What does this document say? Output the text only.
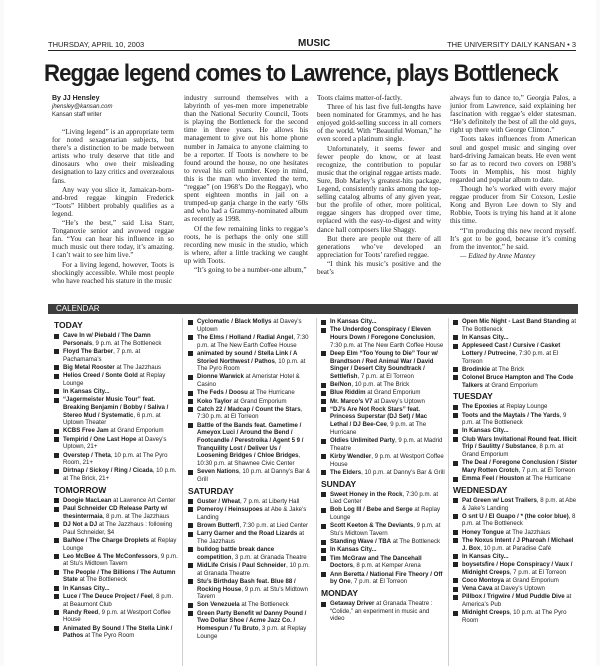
THURSDAY, APRIL 10, 2003	MUSIC	THE UNIVERSITY DAILY KANSAN • 3
Reggae legend comes to Lawrence, plays Bottleneck
By JJ Hensley
jhensley@kansan.com
Kansan staff writer

“Living legend” is an appropriate term for noted sexagenarian subjects, but there’s a distinction to be made between artists who truly deserve that title and dinosaurs who owe their misleading designation to lazy critics and overzealous fans.

Any way you slice it, Jamaican-born-and-bred reggae kingpin Frederick “Toots” Hibbert probably qualifies as a legend.

“He’s the best,” said Lisa Starr, Tonganoxie senior and avowed reggae fan. “You can hear his influence in so much music out there today, it’s amazing. I can’t wait to see him live.”

For a living legend, however, Toots is shockingly accessible. While most people who have reached his stature in the music

industry surround themselves with a labyrinth of yes-men more impenetrable than the National Security Council, Toots is playing the Bottleneck for the second time in three years. He allows his management to give out his home phone number in Jamaica to anyone claiming to be a reporter. If Toots is nowhere to be found around the house, no one hesitates to reveal his cell number. Keep in mind, this is the man who invented the term, “reggae” (on 1968’s Do the Reggay), who spent eighteen months in jail on a trumped-up ganja charge in the early ‘60s and who had a Grammy-nominated album as recently as 1998.

Of the few remaining links to reggae’s roots, he is perhaps the only one still recording new music in the studio, which is where, after a little tracking we caught up with Toots.

“It’s going to be a number-one album,”

Toots claims matter-of-factly.

Three of his last five full-lengths have been nominated for Grammys, and he has enjoyed gold-selling success in all corners of the world. With “Beautiful Woman,” he even scored a platinum single.

Unfortunately, it seems fewer and fewer people do know, or at least recognize, the contribution to popular music that the original reggae artists made. Sure, Bob Marley’s greatest-hits package, Legend, consistently ranks among the top-selling catalog albums of any given year, but the profile of other, more political, reggae singers has dropped over time, replaced with the easy-to-digest and witty dance hall composers like Shaggy.

But there are people out there of all generations who’ve developed an appreciation for Toots’ rarefied reggae.

“I think his music’s positive and the beat’s

always fun to dance to,” Georgia Palos, a junior from Lawrence, said explaining her fascination with reggae’s elder statesman. “He’s definitely the best of all the old guys, right up there with George Clinton.”

Toots takes influences from American soul and gospel music and singing over hard-driving Jamaican beats. He even went so far as to record two covers on 1988’s Toots in Memphis, his most highly regarded and popular album to date.

Though he’s worked with every major reggae producer from Sir Coxson, Leslie Kong and Byron Lee down to Sly and Robbie, Toots is trying his hand at it alone this time.

“I’m producing this new record myself. It’s got to be good, because it’s coming from the inventor,” he said.

— Edited by Anne Mantey

CALENDAR
TODAY
Cave In w/ Piebald / The Damn Personals, 9 p.m. at The Bottleneck
Floyd The Barber, 7 p.m. at Pachamama’s
Big Metal Rooster at The Jazzhaus
Helios Creed / Sonte Gold at Replay Lounge
In Kansas City...
“Jagermeister Music Tour” feat. Breaking Benjamin / Bobby / Saliva / Stereo Mud / Systematic, 6 p.m. at Uptown Theater
KCBS Free Jam at Grand Emporium
Tempirid / One Last Hope at Davey’s Uptown, 21+
Overstep / Theta, 10 p.m. at The Pyro Room, 21+
Dirtnap / Sickoy / Ring / Cicada, 10 p.m. at The Brick, 21+
TOMORROW
Doogie MacLean at Lawrence Art Center
Paul Schneider CD Release Party w/ thesintermaia, 8 p.m. at The Jazzhaus
DJ Not a DJ at The Jazzhaus : following Paul Schneider, $4
Ba/Noe / The Charge Droplets at Replay Lounge
Leo McBee & The McConfessors, 9 p.m. at Stu’s Midtown Tavern
The People / The Billions / The Autumn State at The Bottleneck
In Kansas City...
Luce / The Deuce Project / Feel, 8 p.m. at Beaumont Club
Randy Reed, 9 p.m. at Westport Coffee House
Animated By Sound / The Stella Link / Pathos at The Pyro Room
Cyclomatic / Black Mollys at Davey’s Uptown
The Elms / Holland / Radial Angel, 7:30 p.m. at The New Earth Coffee House
animated by sound / Stella Link / A Storied Northwest / Pathos, 10 p.m. at The Pyro Room
Dionne Warwick at Ameristar Hotel & Casino
The Feds / Doosu at The Hurricane
Koko Taylor at Grand Emporium
Catch 22 / Madcap / Count the Stars, 7:30 p.m. at El Torreon
Battle of the Bands feat. Gametime / Ameyox Luci / Around the Bend / Footcandle / Perestroika / Agent 5 9 / Tranquility Lost / Deliver Us / Loosening Bridges / Chloe Bridges, 10:30 p.m. at Shawnee Civic Center
Seven Nations, 10 p.m. at Danny’s Bar & Grill
SATURDAY
Guster / Wheat, 7 p.m. at Liberty Hall
Pomeroy / Heinsupoes at Abe & Jake’s Landing
Brown Butterfl, 7:30 p.m. at Lied Center
Larry Garner and the Road Lizards at The Jazzhaus
bulldog battle break dance competition, 3 p.m. at Granada Theatre
MidLife Crisis / Paul Schneider, 10 p.m. at Granada Theatre
Stu’s Birthday Bash feat. Blue 88 / Rocking House, 9 p.m. at Stu’s Midtown Tavern
Son Venezuela at The Bottleneck
Green Party Benefit w/ Danny Pound / Two Dollar Shoe / Acme Jazz Co. / Homespun / Tu Bruto, 3 p.m. at Replay Lounge
In Kansas City...
The Underdog Conspiracy / Eleven Hours Down / Foregone Conclusion, 7:30 p.m. at The New Earth Coffee House
Deep Elm “Too Young to Die” Tour w/ Brandtson / Red Animal War / David Singer / Desert City Soundtrack / Settlefish, 7 p.m. at El Torreon
Be/Non, 10 p.m. at The Brick
Blue Riddim at Grand Emporium
Mr. Marco’s V7 at Davey’s Uptown
“DJ’s Are Not Rock Stars” feat. Princess Superstar (DJ Set) / Mac Lethal / DJ Bee-Cee, 9 p.m. at The Hurricane
Oldies Unlimited Party, 9 p.m. at Madrid Theatre
Kirby Wendler, 9 p.m. at Westport Coffee House
The Elders, 10 p.m. at Danny’s Bar & Grill
SUNDAY
Sweet Honey in the Rock, 7:30 p.m. at Lied Center
Bob Log III / Bebe and Serge at Replay Lounge
Scott Keeton & The Deviants, 9 p.m. at Stu’s Midtown Tavern
Standing Wave / TBA at The Bottleneck
In Kansas City...
Tim McGraw and The Dancehall Doctors, 8 p.m. at Kemper Arena
Ann Beretta / National Fire Theory / Off by One, 7 p.m. at El Torreon
MONDAY
Getaway Driver at Granada Theatre : “Colide,” an experiment in music and video
Open Mic Night - Last Band Standing at The Bottleneck
In Kansas City...
Appleseed Cast / Cursive / Casket Lottery / Putrecine, 7:30 p.m. at El Torreon
Brodinkie at The Brick
Colonel Bruce Hampton and The Code Talkers at Grand Emporium
TUESDAY
The Epoxies at Replay Lounge
Toots and the Maytals / The Yards, 9 p.m. at The Bottleneck
In Kansas City...
Club Wars Invitational Round feat. Illicit Trip / Saulitty / Substance, 8 p.m. at Grand Emporium
The Deal / Foregone Conclusion / Sister Mary Rotten Crotch, 7 p.m. at El Torreon
Emma Feel / Houston at The Hurricane
WEDNESDAY
Pat Green w/ Lost Trailers, 8 p.m. at Abe & Jake’s Landing
O snt U / El Guapo / * (the color blue), 8 p.m. at The Bottleneck
Honey Tongue at The Jazzhaus
The Noxus Intent / J Pharoah / Michael J. Box, 10 p.m. at Paradise Café
In Kansas City...
boysetsfire / Hope Conspiracy / Vaux / Midnight Creeps, 7 p.m. at El Torreon
Coco Montoya at Grand Emporium
Vena Cava at Davey’s Uptown
Pillbox / Trigwire / Mud Puddle Dive at America’s Pub
Midnight Creeps, 10 p.m. at The Pyro Room
